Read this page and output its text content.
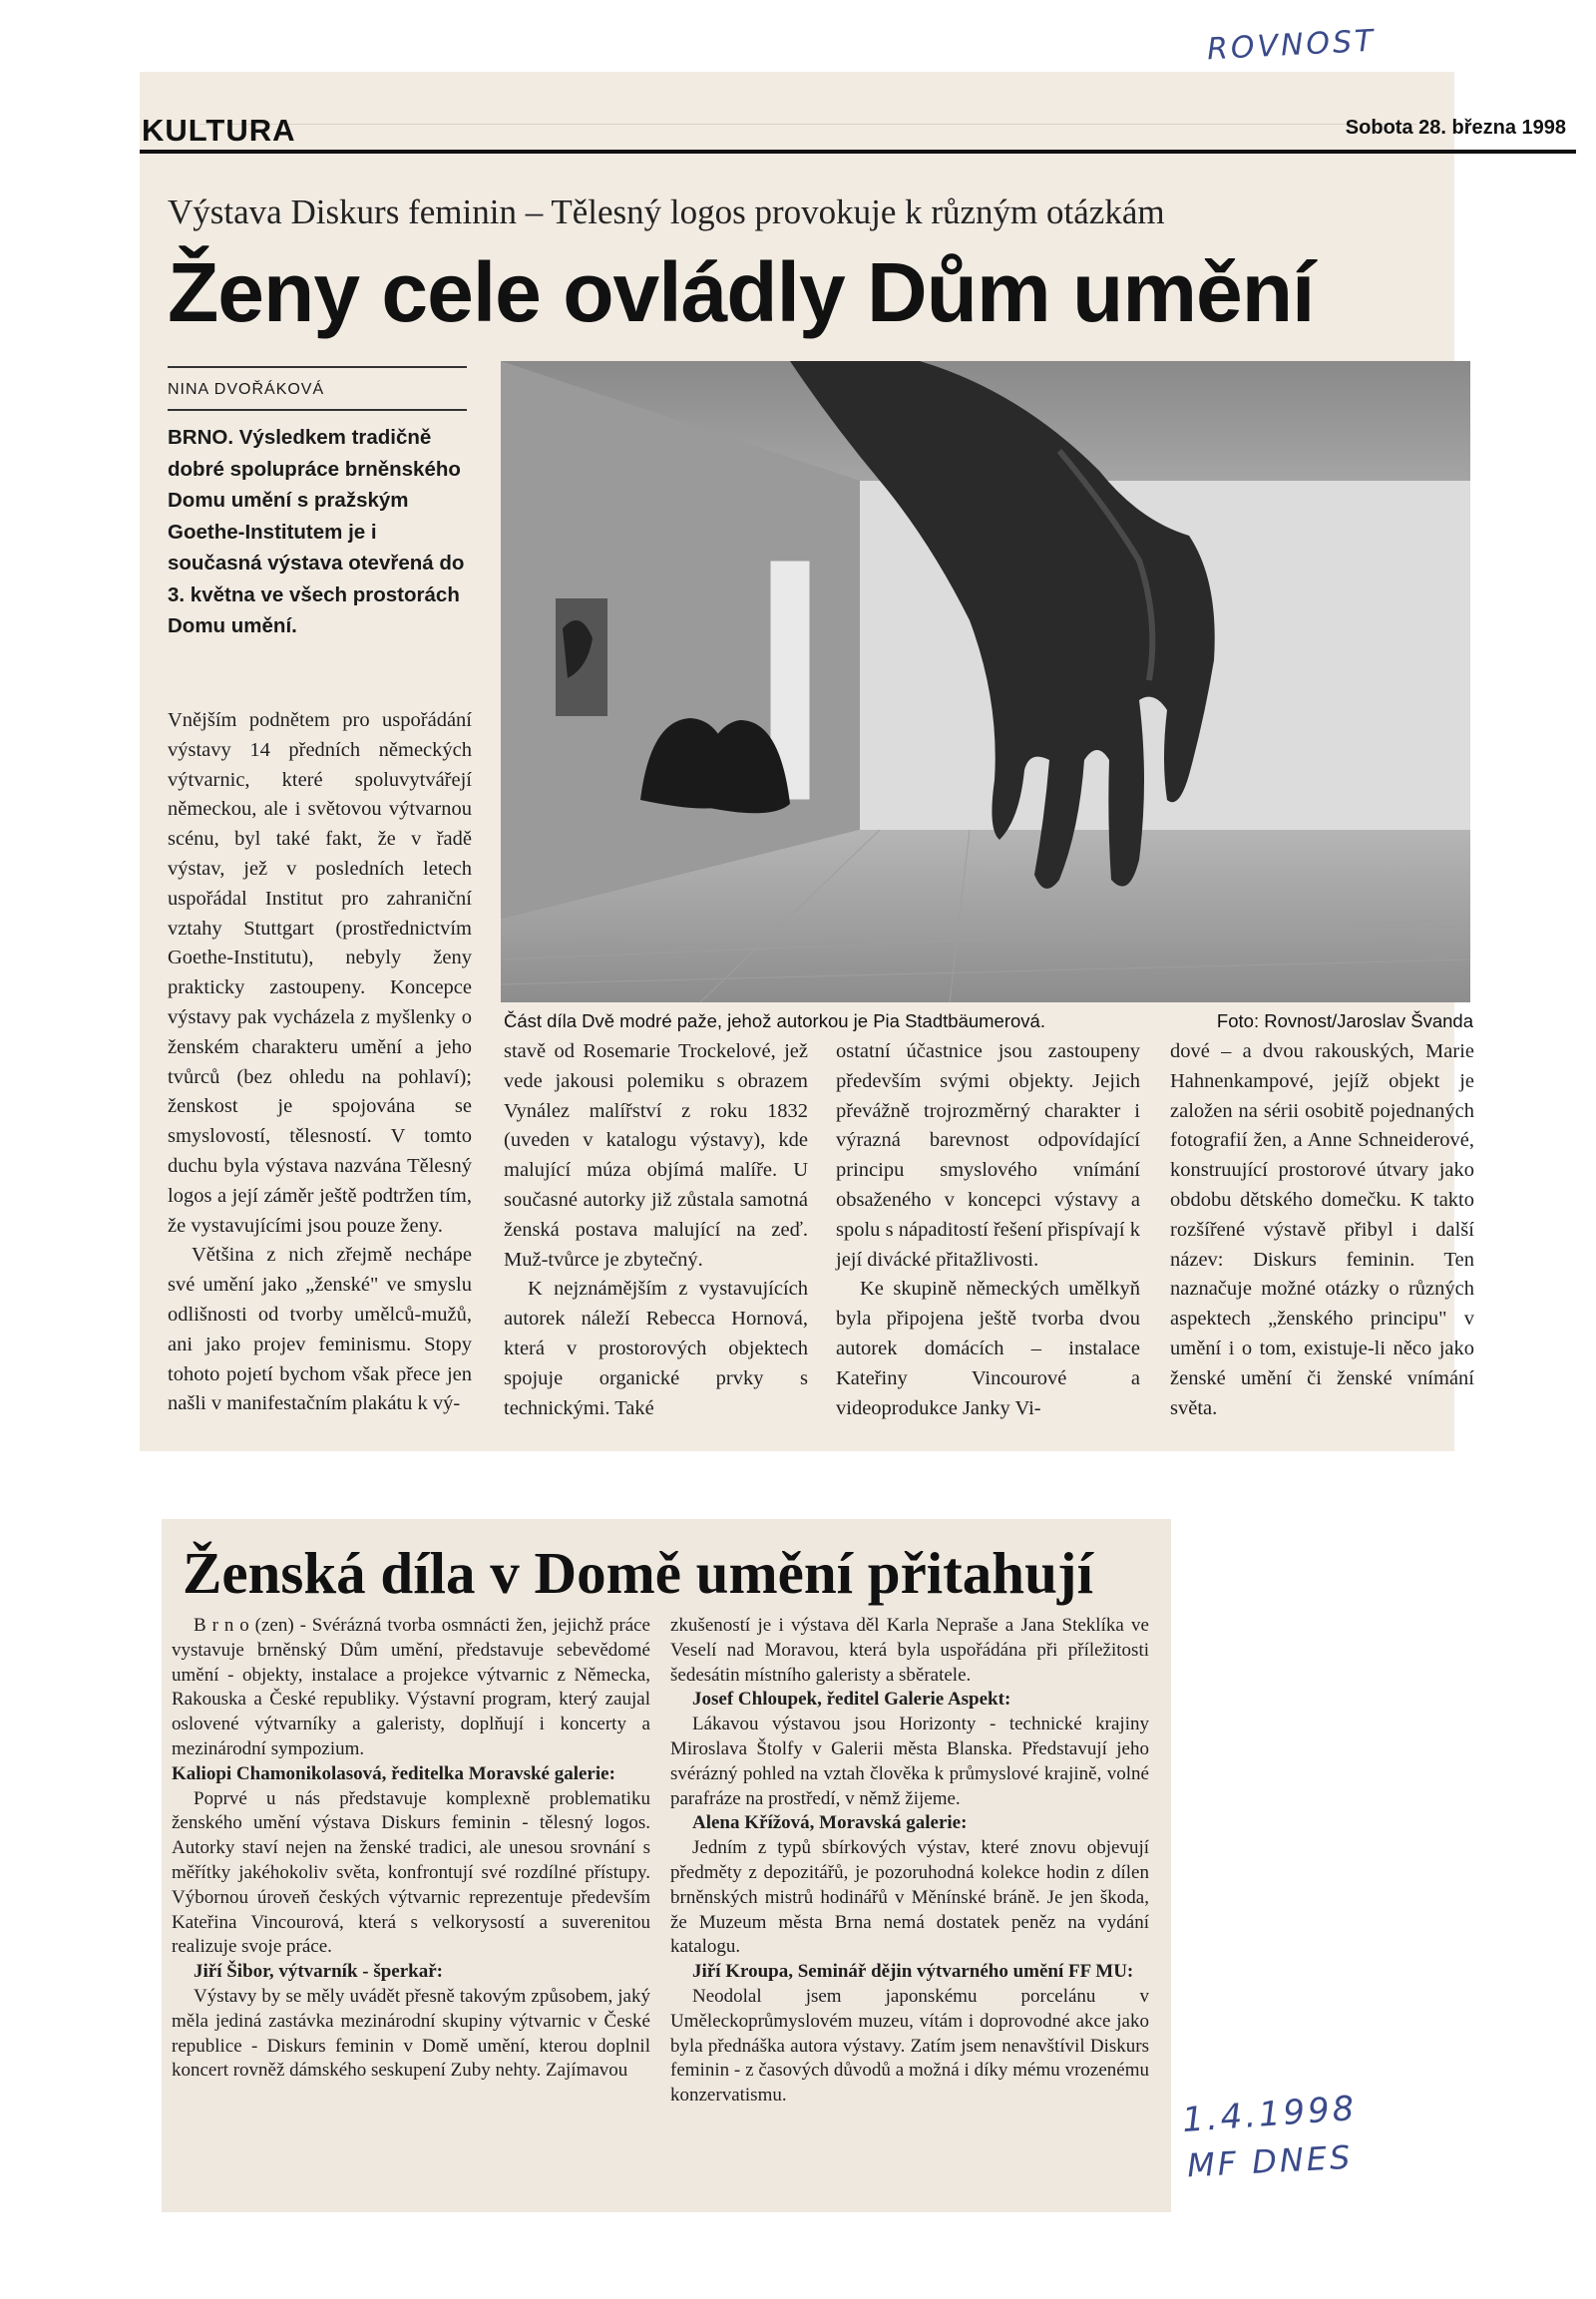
ROVNOST
1.4.1998
MF DNES
KULTURA	Sobota 28. března 1998
Výstava Diskurs feminin – Tělesný logos provokuje k různým otázkám
Ženy cele ovládly Dům umění
NINA DVOŘÁKOVÁ
BRNO. Výsledkem tradičně dobré spolupráce brněnského Domu umění s pražským Goethe-Institutem je i současná výstava otevřená do 3. května ve všech prostorách Domu umění.
Vnějším podnětem pro uspořádání výstavy 14 předních německých výtvarnic, které spoluvytvářejí německou, ale i světovou výtvarnou scénu, byl také fakt, že v řadě výstav, jež v posledních letech uspořádal Institut pro zahraniční vztahy Stuttgart (prostřednictvím Goethe-Institutu), nebyly ženy prakticky zastoupeny. Koncepce výstavy pak vycházela z myšlenky o ženském charakteru umění a jeho tvůrců (bez ohledu na pohlaví); ženskost je spojována se smyslovostí, tělesností. V tomto duchu byla výstava nazvána Tělesný logos a její záměr ještě podtržen tím, že vystavujícími jsou pouze ženy.
Většina z nich zřejmě nechápe své umění jako „ženské" ve smyslu odlišnosti od tvorby umělců-mužů, ani jako projev feminismu. Stopy tohoto pojetí bychom však přece jen našli v manifestačním plakátu k vý-
Část díla Dvě modré paže, jehož autorkou je Pia Stadtbäumerová.	Foto: Rovnost/Jaroslav Švanda
stavě od Rosemarie Trockelové, jež vede jakousi polemiku s obrazem Vynález malířství z roku 1832 (uveden v katalogu výstavy), kde malující múza objímá malíře. U současné autorky již zůstala samotná ženská postava malující na zeď. Muž-tvůrce je zbytečný.
K nejznámějším z vystavujících autorek náleží Rebecca Hornová, která v prostorových objektech spojuje organické prvky s technickými. Také
ostatní účastnice jsou zastoupeny především svými objekty. Jejich převážně trojrozměrný charakter i výrazná barevnost odpovídající principu smyslového vnímání obsaženého v koncepci výstavy a spolu s nápaditostí řešení přispívají k její divácké přitažlivosti.
Ke skupině německých umělkyň byla připojena ještě tvorba dvou autorek domácích – instalace Kateřiny Vincourové a videoprodukce Janky Vi-
dové – a dvou rakouských, Marie Hahnenkampové, jejíž objekt je založen na sérii osobitě pojednaných fotografií žen, a Anne Schneiderové, konstruující prostorové útvary jako obdobu dětského domečku. K takto rozšířené výstavě přibyl i další název: Diskurs feminin. Ten naznačuje možné otázky o různých aspektech „ženského principu" v umění i o tom, existuje-li něco jako ženské umění či ženské vnímání světa.
Ženská díla v Domě umění přitahují

B r n o (zen) - Svérázná tvorba osmnácti žen, jejichž práce vystavuje brněnský Dům umění, představuje sebevědomé umění - objekty, instalace a projekce výtvarnic z Německa, Rakouska a České republiky. Výstavní program, který zaujal oslovené výtvarníky a galeristy, doplňují i koncerty a mezinárodní sympozium.

Kaliopi Chamonikolasová, ředitelka Moravské galerie:

Poprvé u nás představuje komplexně problematiku ženského umění výstava Diskurs feminin - tělesný logos. Autorky staví nejen na ženské tradici, ale unesou srovnání s měřítky jakéhokoliv světa, konfrontují své rozdílné přístupy. Výbornou úroveň českých výtvarnic reprezentuje především Kateřina Vincourová, která s velkorysostí a suverenitou realizuje svoje práce.

Jiří Šibor, výtvarník - šperkař:

Výstavy by se měly uvádět přesně takovým způsobem, jaký měla jediná zastávka mezinárodní skupiny výtvarnic v České republice - Diskurs feminin v Domě umění, kterou doplnil koncert rovněž dámského seskupení Zuby nehty. Zajímavou

zkušeností je i výstava děl Karla Nepraše a Jana Steklíka ve Veselí nad Moravou, která byla uspořádána při příležitosti šedesátin místního galeristy a sběratele.

Josef Chloupek, ředitel Galerie Aspekt:

Lákavou výstavou jsou Horizonty - technické krajiny Miroslava Štolfy v Galerii města Blanska. Představují jeho svérázný pohled na vztah člověka k průmyslové krajině, volné parafráze na prostředí, v němž žijeme.

Alena Křížová, Moravská galerie:

Jedním z typů sbírkových výstav, které znovu objevují předměty z depozitářů, je pozoruhodná kolekce hodin z dílen brněnských mistrů hodinářů v Měnínské bráně. Je jen škoda, že Muzeum města Brna nemá dostatek peněz na vydání katalogu.

Jiří Kroupa, Seminář dějin výtvarného umění FF MU:

Neodolal jsem japonskému porcelánu v Uměleckoprůmyslovém muzeu, vítám i doprovodné akce jako byla přednáška autora výstavy. Zatím jsem nenavštívil Diskurs feminin - z časových důvodů a možná i díky mému vrozenému konzervatismu.
